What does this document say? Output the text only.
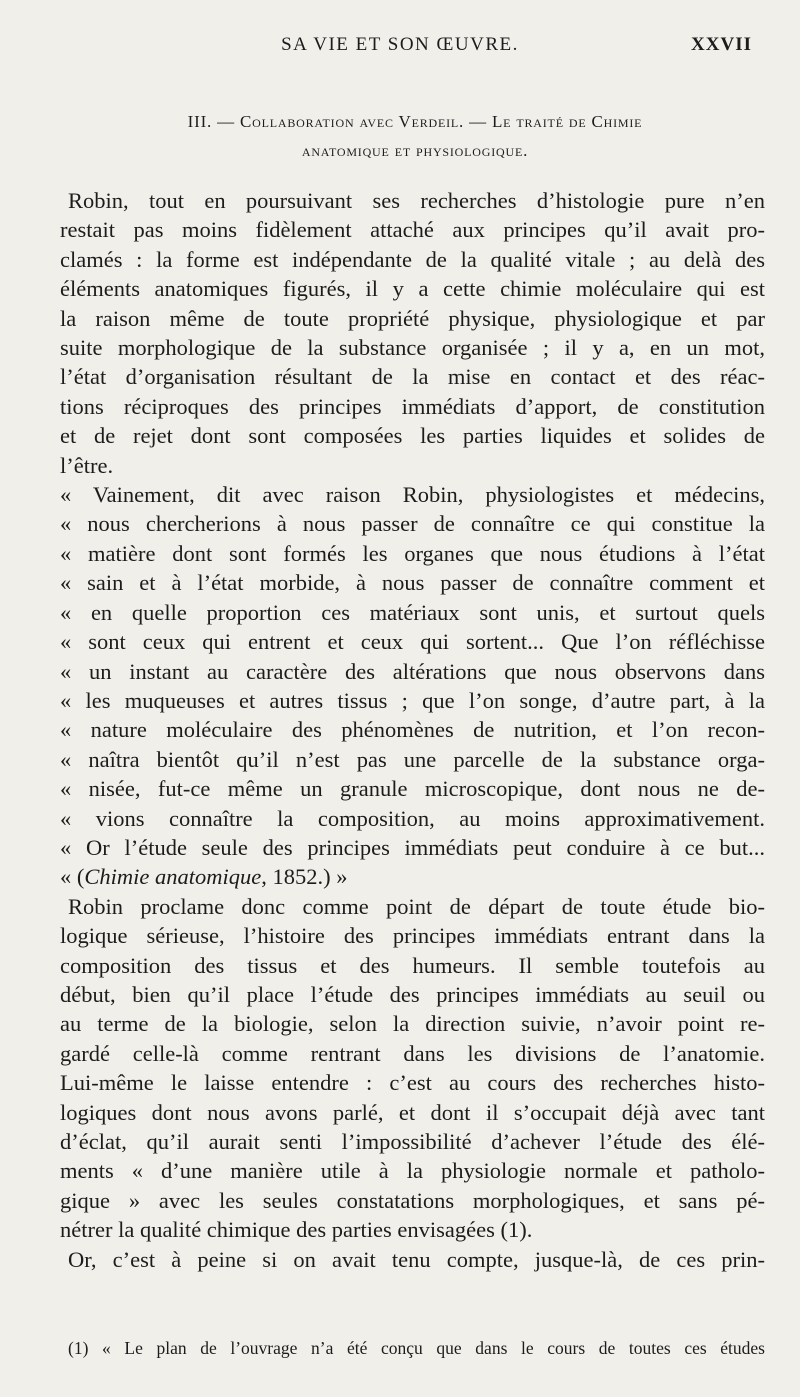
SA VIE ET SON ŒUVRE.	XXVII
III. — Collaboration avec Verdeil. — Le traité de Chimie
anatomique et physiologique.
Robin, tout en poursuivant ses recherches d’histologie pure n’en
restait pas moins fidèlement attaché aux principes qu’il avait pro-
clamés : la forme est indépendante de la qualité vitale ; au delà des
éléments anatomiques figurés, il y a cette chimie moléculaire qui est
la raison même de toute propriété physique, physiologique et par
suite morphologique de la substance organisée ; il y a, en un mot,
l’état d’organisation résultant de la mise en contact et des réac-
tions réciproques des principes immédiats d’apport, de constitution
et de rejet dont sont composées les parties liquides et solides de
l’être.
« Vainement, dit avec raison Robin, physiologistes et médecins,
« nous chercherions à nous passer de connaître ce qui constitue la
« matière dont sont formés les organes que nous étudions à l’état
« sain et à l’état morbide, à nous passer de connaître comment et
« en quelle proportion ces matériaux sont unis, et surtout quels
« sont ceux qui entrent et ceux qui sortent... Que l’on réfléchisse
« un instant au caractère des altérations que nous observons dans
« les muqueuses et autres tissus ; que l’on songe, d’autre part, à la
« nature moléculaire des phénomènes de nutrition, et l’on recon-
« naîtra bientôt qu’il n’est pas une parcelle de la substance orga-
« nisée, fut-ce même un granule microscopique, dont nous ne de-
« vions connaître la composition, au moins approximativement.
« Or l’étude seule des principes immédiats peut conduire à ce but...
« (Chimie anatomique, 1852.) »
Robin proclame donc comme point de départ de toute étude bio-
logique sérieuse, l’histoire des principes immédiats entrant dans la
composition des tissus et des humeurs. Il semble toutefois au
début, bien qu’il place l’étude des principes immédiats au seuil ou
au terme de la biologie, selon la direction suivie, n’avoir point re-
gardé celle-là comme rentrant dans les divisions de l’anatomie.
Lui-même le laisse entendre : c’est au cours des recherches histo-
logiques dont nous avons parlé, et dont il s’occupait déjà avec tant
d’éclat, qu’il aurait senti l’impossibilité d’achever l’étude des élé-
ments « d’une manière utile à la physiologie normale et patholo-
gique » avec les seules constatations morphologiques, et sans pé-
nétrer la qualité chimique des parties envisagées (1).
Or, c’est à peine si on avait tenu compte, jusque-là, de ces prin-
(1) « Le plan de l’ouvrage n’a été conçu que dans le cours de toutes ces études
